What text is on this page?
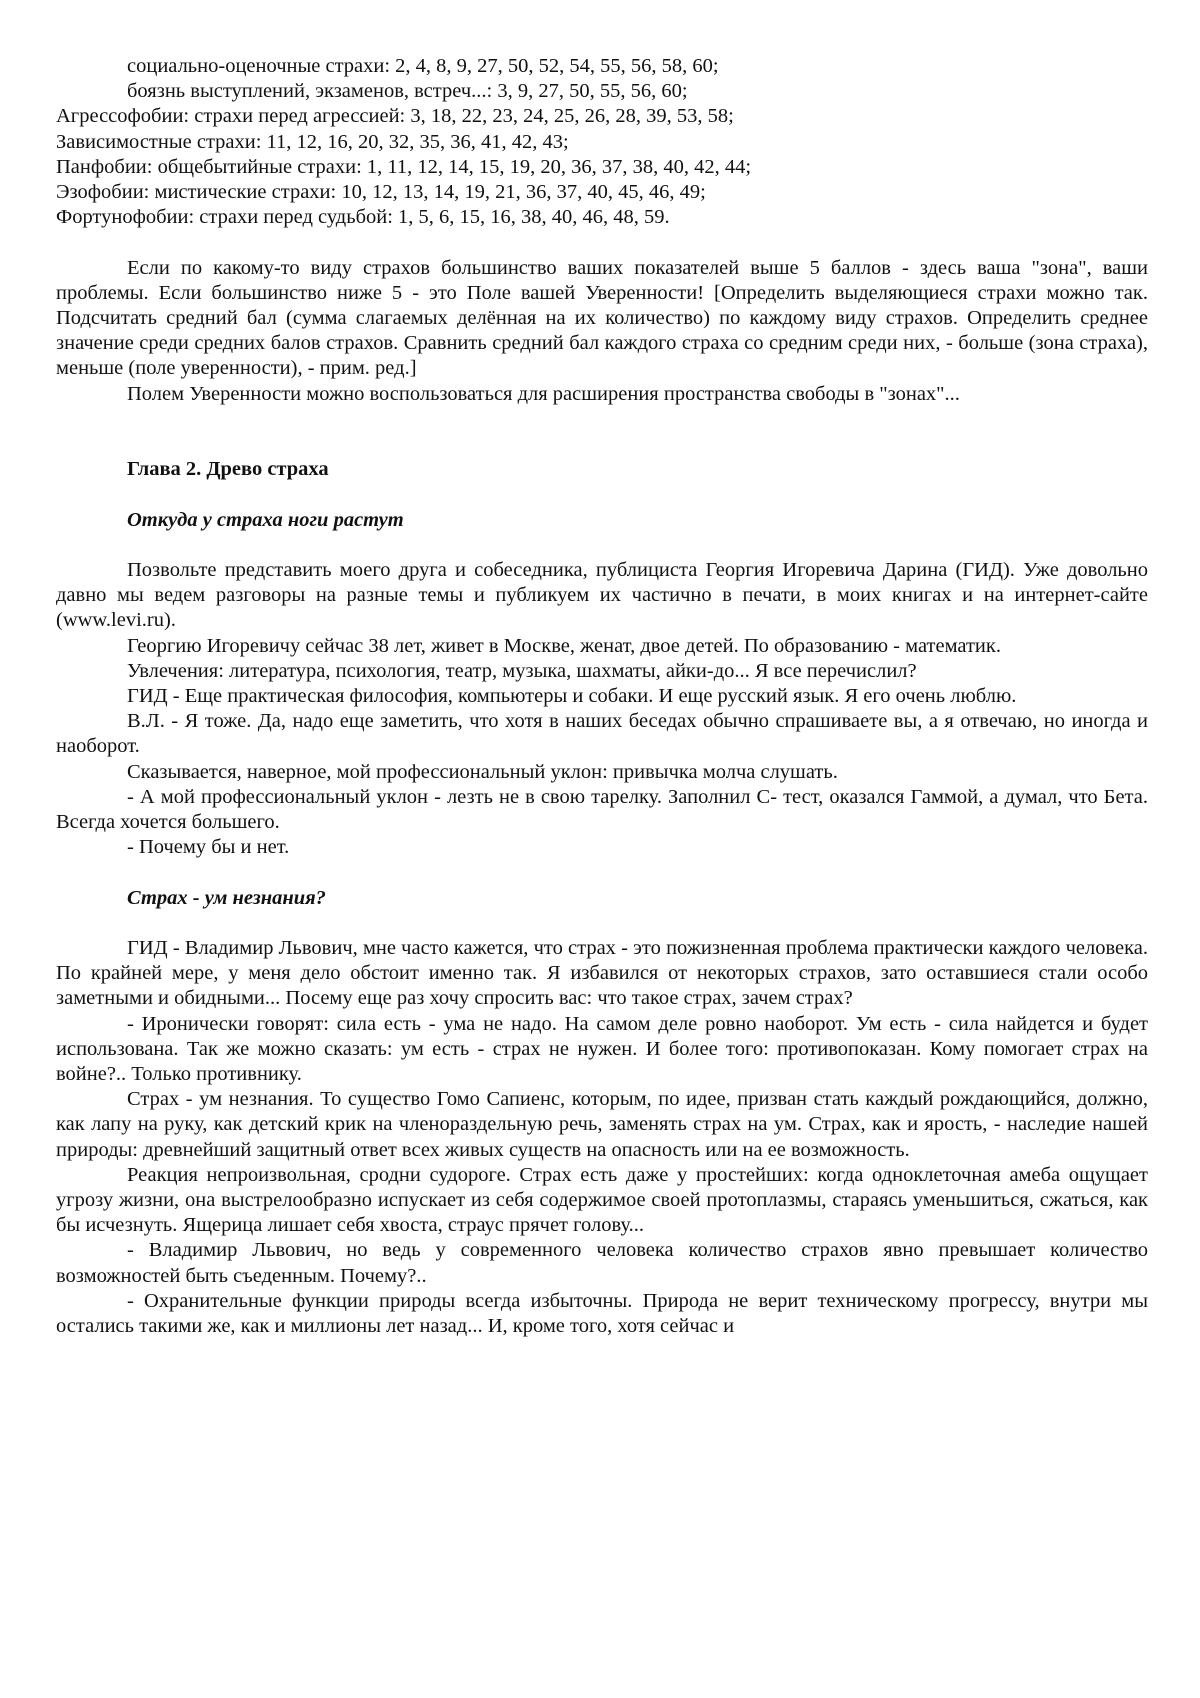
социально-оценочные страхи: 2, 4, 8, 9, 27, 50, 52, 54, 55, 56, 58, 60;

боязнь выступлений, экзаменов, встреч...: 3, 9, 27, 50, 55, 56, 60;

Агрессофобии: страхи перед агрессией: 3, 18, 22, 23, 24, 25, 26, 28, 39, 53, 58;

Зависимостные страхи: 11, 12, 16, 20, 32, 35, 36, 41, 42, 43;

Панфобии: общебытийные страхи: 1, 11, 12, 14, 15, 19, 20, 36, 37, 38, 40, 42, 44;

Эзофобии: мистические страхи: 10, 12, 13, 14, 19, 21, 36, 37, 40, 45, 46, 49;

Фортунофобии: страхи перед судьбой: 1, 5, 6, 15, 16, 38, 40, 46, 48, 59.

Если по какому-то виду страхов большинство ваших показателей выше 5 баллов - здесь ваша "зона", ваши проблемы. Если большинство ниже 5 - это Поле вашей Уверенности! [Определить выделяющиеся страхи можно так. Подсчитать средний бал (сумма слагаемых делённая на их количество) по каждому виду страхов. Определить среднее значение среди средних балов страхов. Сравнить средний бал каждого страха со средним среди них, - больше (зона страха), меньше (поле уверенности), - прим. ред.]

Полем Уверенности можно воспользоваться для расширения пространства свободы в "зонах"...

Глава 2. Древо страха

Откуда у страха ноги растут

Позвольте представить моего друга и собеседника, публициста Георгия Игоревича Дарина (ГИД). Уже довольно давно мы ведем разговоры на разные темы и публикуем их частично в печати, в моих книгах и на интернет-сайте (www.levi.ru).

Георгию Игоревичу сейчас 38 лет, живет в Москве, женат, двое детей. По образованию - математик.

Увлечения: литература, психология, театр, музыка, шахматы, айки-до... Я все перечислил?

ГИД - Еще практическая философия, компьютеры и собаки. И еще русский язык. Я его очень люблю.

В.Л. - Я тоже. Да, надо еще заметить, что хотя в наших беседах обычно спрашиваете вы, а я отвечаю, но иногда и наоборот.

Сказывается, наверное, мой профессиональный уклон: привычка молча слушать.

- А мой профессиональный уклон - лезть не в свою тарелку. Заполнил С- тест, оказался Гаммой, а думал, что Бета. Всегда хочется большего.

- Почему бы и нет.

Страх - ум незнания?

ГИД - Владимир Львович, мне часто кажется, что страх - это пожизненная проблема практически каждого человека. По крайней мере, у меня дело обстоит именно так. Я избавился от некоторых страхов, зато оставшиеся стали особо заметными и обидными... Посему еще раз хочу спросить вас: что такое страх, зачем страх?

- Иронически говорят: сила есть - ума не надо. На самом деле ровно наоборот. Ум есть - сила найдется и будет использована. Так же можно сказать: ум есть - страх не нужен. И более того: противопоказан. Кому помогает страх на войне?.. Только противнику.

Страх - ум незнания. То существо Гомо Сапиенс, которым, по идее, призван стать каждый рождающийся, должно, как лапу на руку, как детский крик на членораздельную речь, заменять страх на ум. Страх, как и ярость, - наследие нашей природы: древнейший защитный ответ всех живых существ на опасность или на ее возможность.

Реакция непроизвольная, сродни судороге. Страх есть даже у простейших: когда одноклеточная амеба ощущает угрозу жизни, она выстрелообразно испускает из себя содержимое своей протоплазмы, стараясь уменьшиться, сжаться, как бы исчезнуть. Ящерица лишает себя хвоста, страус прячет голову...

- Владимир Львович, но ведь у современного человека количество страхов явно превышает количество возможностей быть съеденным. Почему?..

- Охранительные функции природы всегда избыточны. Природа не верит техническому прогрессу, внутри мы остались такими же, как и миллионы лет назад... И, кроме того, хотя сейчас и
